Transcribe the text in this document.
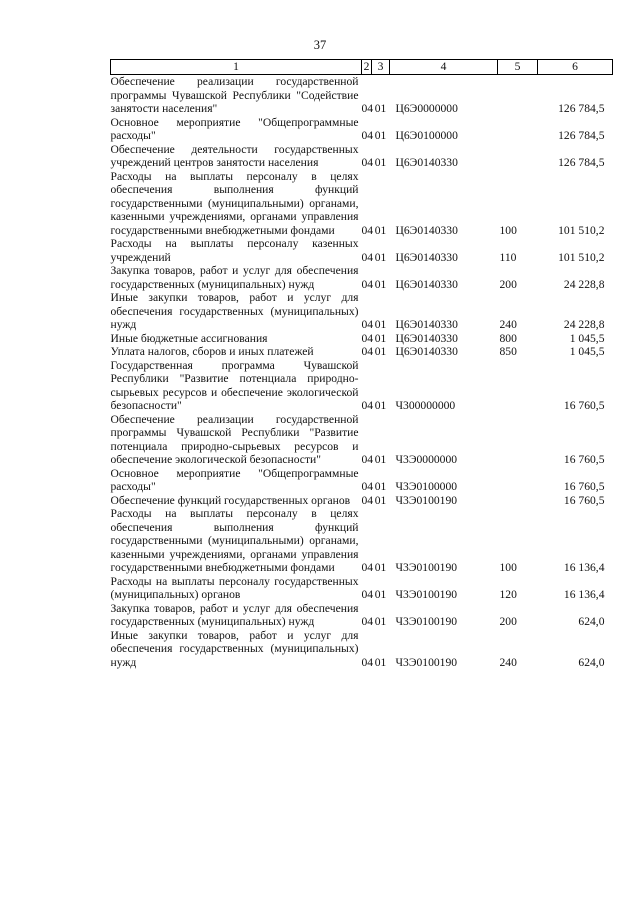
37
1	2	3	4	5	6
Обеспечение реализации государственной программы Чувашской Республики "Содействие занятости населения"	04	01	Ц6Э0000000		126 784,5
Основное мероприятие "Общепрограммные расходы"	04	01	Ц6Э0100000		126 784,5
Обеспечение деятельности государственных учреждений центров занятости населения	04	01	Ц6Э0140330		126 784,5
Расходы на выплаты персоналу в целях обеспечения выполнения функций государственными (муниципальными) органами, казенными учреждениями, органами управления государственными внебюджетными фондами	04	01	Ц6Э0140330	100	101 510,2
Расходы на выплаты персоналу казенных учреждений	04	01	Ц6Э0140330	110	101 510,2
Закупка товаров, работ и услуг для обеспечения государственных (муниципальных) нужд	04	01	Ц6Э0140330	200	24 228,8
Иные закупки товаров, работ и услуг для обеспечения государственных (муниципальных) нужд	04	01	Ц6Э0140330	240	24 228,8
Иные бюджетные ассигнования	04	01	Ц6Э0140330	800	1 045,5
Уплата налогов, сборов и иных платежей	04	01	Ц6Э0140330	850	1 045,5
Государственная программа Чувашской Республики "Развитие потенциала природно-сырьевых ресурсов и обеспечение экологической безопасности"	04	01	Ч300000000		16 760,5
Обеспечение реализации государственной программы Чувашской Республики "Развитие потенциала природно-сырьевых ресурсов и обеспечение экологической безопасности"	04	01	Ч3Э0000000		16 760,5
Основное мероприятие "Общепрограммные расходы"	04	01	Ч3Э0100000		16 760,5
Обеспечение функций государственных органов	04	01	Ч3Э0100190		16 760,5
Расходы на выплаты персоналу в целях обеспечения выполнения функций государственными (муниципальными) органами, казенными учреждениями, органами управления государственными внебюджетными фондами	04	01	Ч3Э0100190	100	16 136,4
Расходы на выплаты персоналу государственных (муниципальных) органов	04	01	Ч3Э0100190	120	16 136,4
Закупка товаров, работ и услуг для обеспечения государственных (муниципальных) нужд	04	01	Ч3Э0100190	200	624,0
Иные закупки товаров, работ и услуг для обеспечения государственных (муниципальных) нужд	04	01	Ч3Э0100190	240	624,0
